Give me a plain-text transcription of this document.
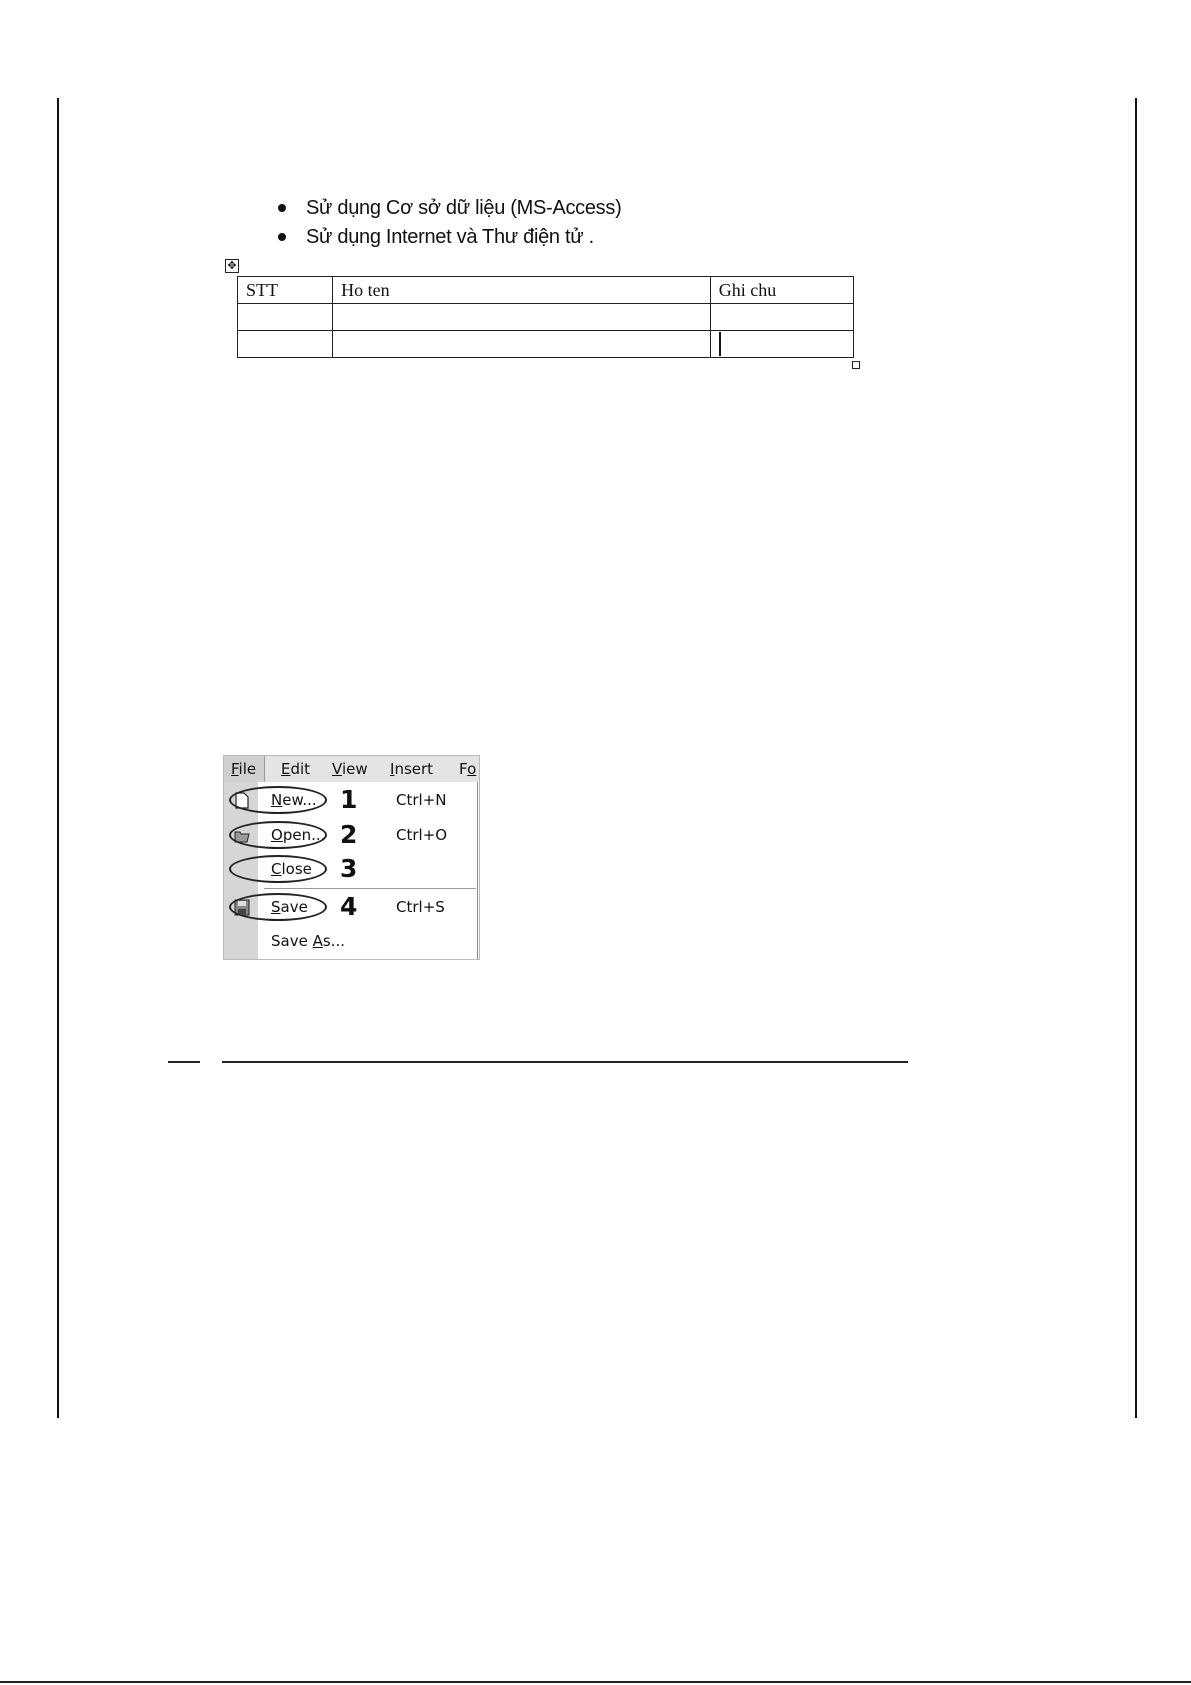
Sử dụng Cơ sở dữ liệu (MS-Access)
Sử dụng Internet và Thư điện tử .
✥
STT	Ho ten	Ghi chu

File Edit View Insert Fo
New... 1	Ctrl+N
Open... 2	Ctrl+O
Close 3
Save 4	Ctrl+S
Save As...
